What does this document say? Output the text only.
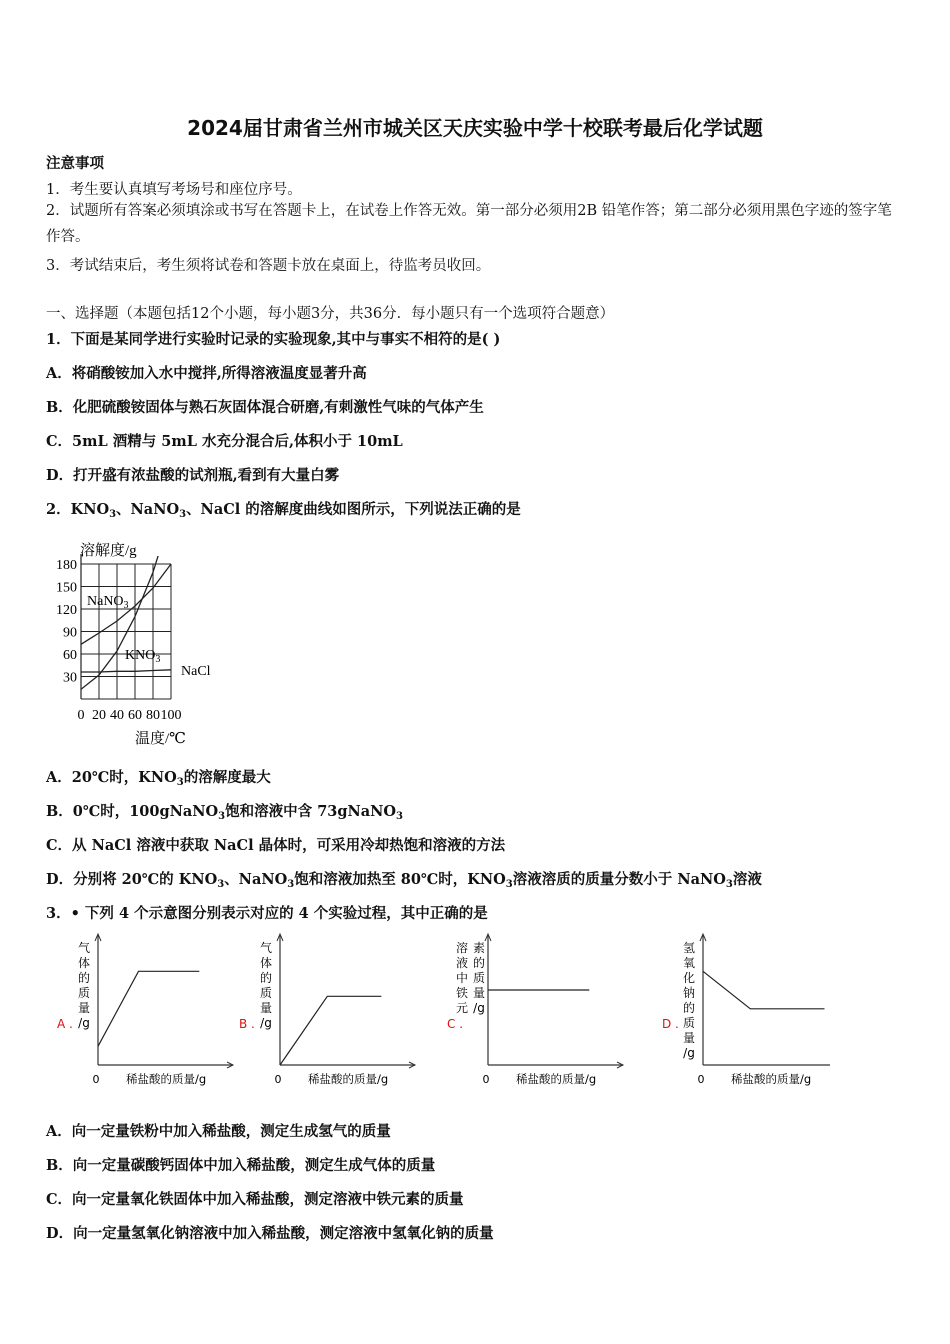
2024届甘肃省兰州市城关区天庆实验中学十校联考最后化学试题
注意事项
1．考生要认真填写考场号和座位序号。
2．试题所有答案必须填涂或书写在答题卡上，在试卷上作答无效。第一部分必须用2B 铅笔作答；第二部分必须用黑色字迹的签字笔作答。
3．考试结束后，考生须将试卷和答题卡放在桌面上，待监考员收回。
一、选择题（本题包括12个小题，每小题3分，共36分．每小题只有一个选项符合题意）
1．下面是某同学进行实验时记录的实验现象,其中与事实不相符的是( )
A．将硝酸铵加入水中搅拌,所得溶液温度显著升高
B．化肥硫酸铵固体与熟石灰固体混合研磨,有刺激性气味的气体产生
C．5mL 酒精与 5mL 水充分混合后,体积小于 10mL
D．打开盛有浓盐酸的试剂瓶,看到有大量白雾
2．$KNO_3$、NaNO$_3$、NaCl 的溶解度曲线如图所示，下列说法正确的是
30
60
90
120
150
180
0 20 40 60 80 100
溶解度/g
温度/℃
NaNO$_3$
$KNO_3$
NaCl
A．20℃时，$KNO_3$的溶解度最大
B．0℃时，100gNaNO$_3$饱和溶液中含 73gNaNO$_3$
C．从 NaCl 溶液中获取 NaCl 晶体时，可采用冷却热饱和溶液的方法
D．分别将 20℃的 $KNO_3$、NaNO$_3$饱和溶液加热至 80℃时，$KNO_3$溶液溶质的质量分数小于 NaNO$_3$溶液
3．• 下列 4 个示意图分别表示对应的 4 个实验过程，其中正确的是
0 稀盐酸的质量/g
气
体
的
质
量
/g
A .
0 稀盐酸的质量/g
气
体
的
质
量
/g
B .
0 稀盐酸的质量/g
溶
液
中
铁
元
素
的
质
量
/g
C .
0 稀盐酸的质量/g
氢
氧
化
钠
的
质
量
/g
D .
A．向一定量铁粉中加入稀盐酸，测定生成氢气的质量
B．向一定量碳酸钙固体中加入稀盐酸，测定生成气体的质量
C．向一定量氧化铁固体中加入稀盐酸，测定溶液中铁元素的质量
D．向一定量氢氧化钠溶液中加入稀盐酸，测定溶液中氢氧化钠的质量
